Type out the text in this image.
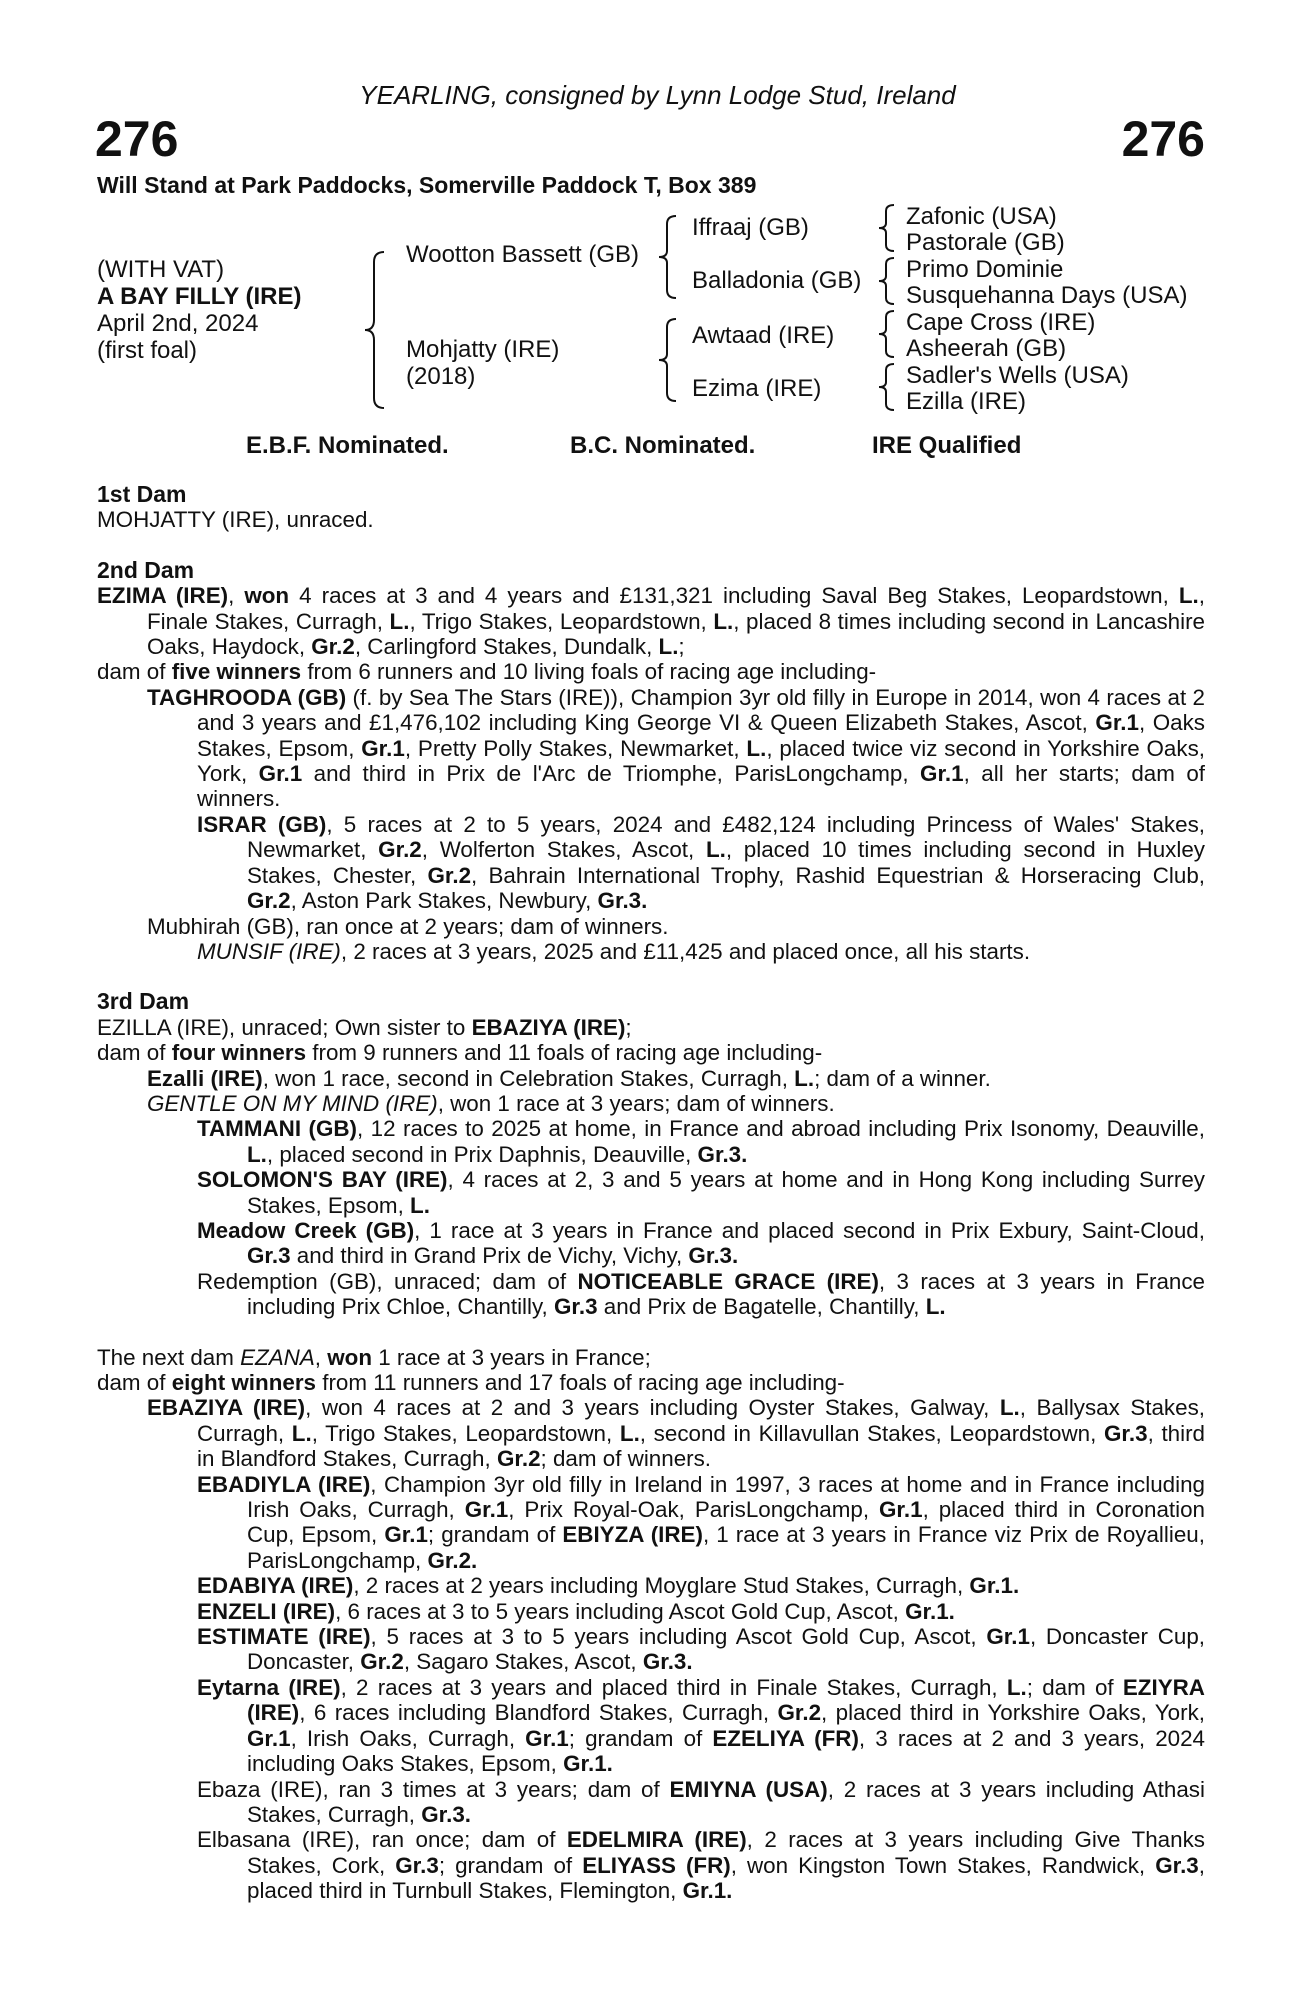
YEARLING, consigned by Lynn Lodge Stud, Ireland
276	276
Will Stand at Park Paddocks, Somerville Paddock T, Box 389
(WITH VAT)
A BAY FILLY (IRE)
April 2nd, 2024
(first foal)
Wootton Bassett (GB)
Mohjatty (IRE)
(2018)
Iffraaj (GB)
Balladonia (GB)
Awtaad (IRE)
Ezima (IRE)
Zafonic (USA)
Pastorale (GB)
Primo Dominie
Susquehanna Days (USA)
Cape Cross (IRE)
Asheerah (GB)
Sadler's Wells (USA)
Ezilla (IRE)
E.B.F. Nominated.	B.C. Nominated.	IRE Qualified

1st Dam

MOHJATTY (IRE), unraced.

2nd Dam

EZIMA (IRE), won 4 races at 3 and 4 years and £131,321 including Saval Beg Stakes, Leopardstown, L., Finale Stakes, Curragh, L., Trigo Stakes, Leopardstown, L., placed 8 times including second in Lancashire Oaks, Haydock, Gr.2, Carlingford Stakes, Dundalk, L.;

dam of five winners from 6 runners and 10 living foals of racing age including-

TAGHROODA (GB) (f. by Sea The Stars (IRE)), Champion 3yr old filly in Europe in 2014, won 4 races at 2 and 3 years and £1,476,102 including King George VI & Queen Elizabeth Stakes, Ascot, Gr.1, Oaks Stakes, Epsom, Gr.1, Pretty Polly Stakes, Newmarket, L., placed twice viz second in Yorkshire Oaks, York, Gr.1 and third in Prix de l'Arc de Triomphe, ParisLongchamp, Gr.1, all her starts; dam of winners.

ISRAR (GB), 5 races at 2 to 5 years, 2024 and £482,124 including Princess of Wales' Stakes, Newmarket, Gr.2, Wolferton Stakes, Ascot, L., placed 10 times including second in Huxley Stakes, Chester, Gr.2, Bahrain International Trophy, Rashid Equestrian & Horseracing Club, Gr.2, Aston Park Stakes, Newbury, Gr.3.

Mubhirah (GB), ran once at 2 years; dam of winners.

MUNSIF (IRE), 2 races at 3 years, 2025 and £11,425 and placed once, all his starts.

3rd Dam

EZILLA (IRE), unraced; Own sister to EBAZIYA (IRE);

dam of four winners from 9 runners and 11 foals of racing age including-

Ezalli (IRE), won 1 race, second in Celebration Stakes, Curragh, L.; dam of a winner.

GENTLE ON MY MIND (IRE), won 1 race at 3 years; dam of winners.

TAMMANI (GB), 12 races to 2025 at home, in France and abroad including Prix Isonomy, Deauville, L., placed second in Prix Daphnis, Deauville, Gr.3.

SOLOMON'S BAY (IRE), 4 races at 2, 3 and 5 years at home and in Hong Kong including Surrey Stakes, Epsom, L.

Meadow Creek (GB), 1 race at 3 years in France and placed second in Prix Exbury, Saint-Cloud, Gr.3 and third in Grand Prix de Vichy, Vichy, Gr.3.

Redemption (GB), unraced; dam of NOTICEABLE GRACE (IRE), 3 races at 3 years in France including Prix Chloe, Chantilly, Gr.3 and Prix de Bagatelle, Chantilly, L.

The next dam EZANA, won 1 race at 3 years in France;

dam of eight winners from 11 runners and 17 foals of racing age including-

EBAZIYA (IRE), won 4 races at 2 and 3 years including Oyster Stakes, Galway, L., Ballysax Stakes, Curragh, L., Trigo Stakes, Leopardstown, L., second in Killavullan Stakes, Leopardstown, Gr.3, third in Blandford Stakes, Curragh, Gr.2; dam of winners.

EBADIYLA (IRE), Champion 3yr old filly in Ireland in 1997, 3 races at home and in France including Irish Oaks, Curragh, Gr.1, Prix Royal-Oak, ParisLongchamp, Gr.1, placed third in Coronation Cup, Epsom, Gr.1; grandam of EBIYZA (IRE), 1 race at 3 years in France viz Prix de Royallieu, ParisLongchamp, Gr.2.

EDABIYA (IRE), 2 races at 2 years including Moyglare Stud Stakes, Curragh, Gr.1.

ENZELI (IRE), 6 races at 3 to 5 years including Ascot Gold Cup, Ascot, Gr.1.

ESTIMATE (IRE), 5 races at 3 to 5 years including Ascot Gold Cup, Ascot, Gr.1, Doncaster Cup, Doncaster, Gr.2, Sagaro Stakes, Ascot, Gr.3.

Eytarna (IRE), 2 races at 3 years and placed third in Finale Stakes, Curragh, L.; dam of EZIYRA (IRE), 6 races including Blandford Stakes, Curragh, Gr.2, placed third in Yorkshire Oaks, York, Gr.1, Irish Oaks, Curragh, Gr.1; grandam of EZELIYA (FR), 3 races at 2 and 3 years, 2024 including Oaks Stakes, Epsom, Gr.1.

Ebaza (IRE), ran 3 times at 3 years; dam of EMIYNA (USA), 2 races at 3 years including Athasi Stakes, Curragh, Gr.3.

Elbasana (IRE), ran once; dam of EDELMIRA (IRE), 2 races at 3 years including Give Thanks Stakes, Cork, Gr.3; grandam of ELIYASS (FR), won Kingston Town Stakes, Randwick, Gr.3, placed third in Turnbull Stakes, Flemington, Gr.1.
